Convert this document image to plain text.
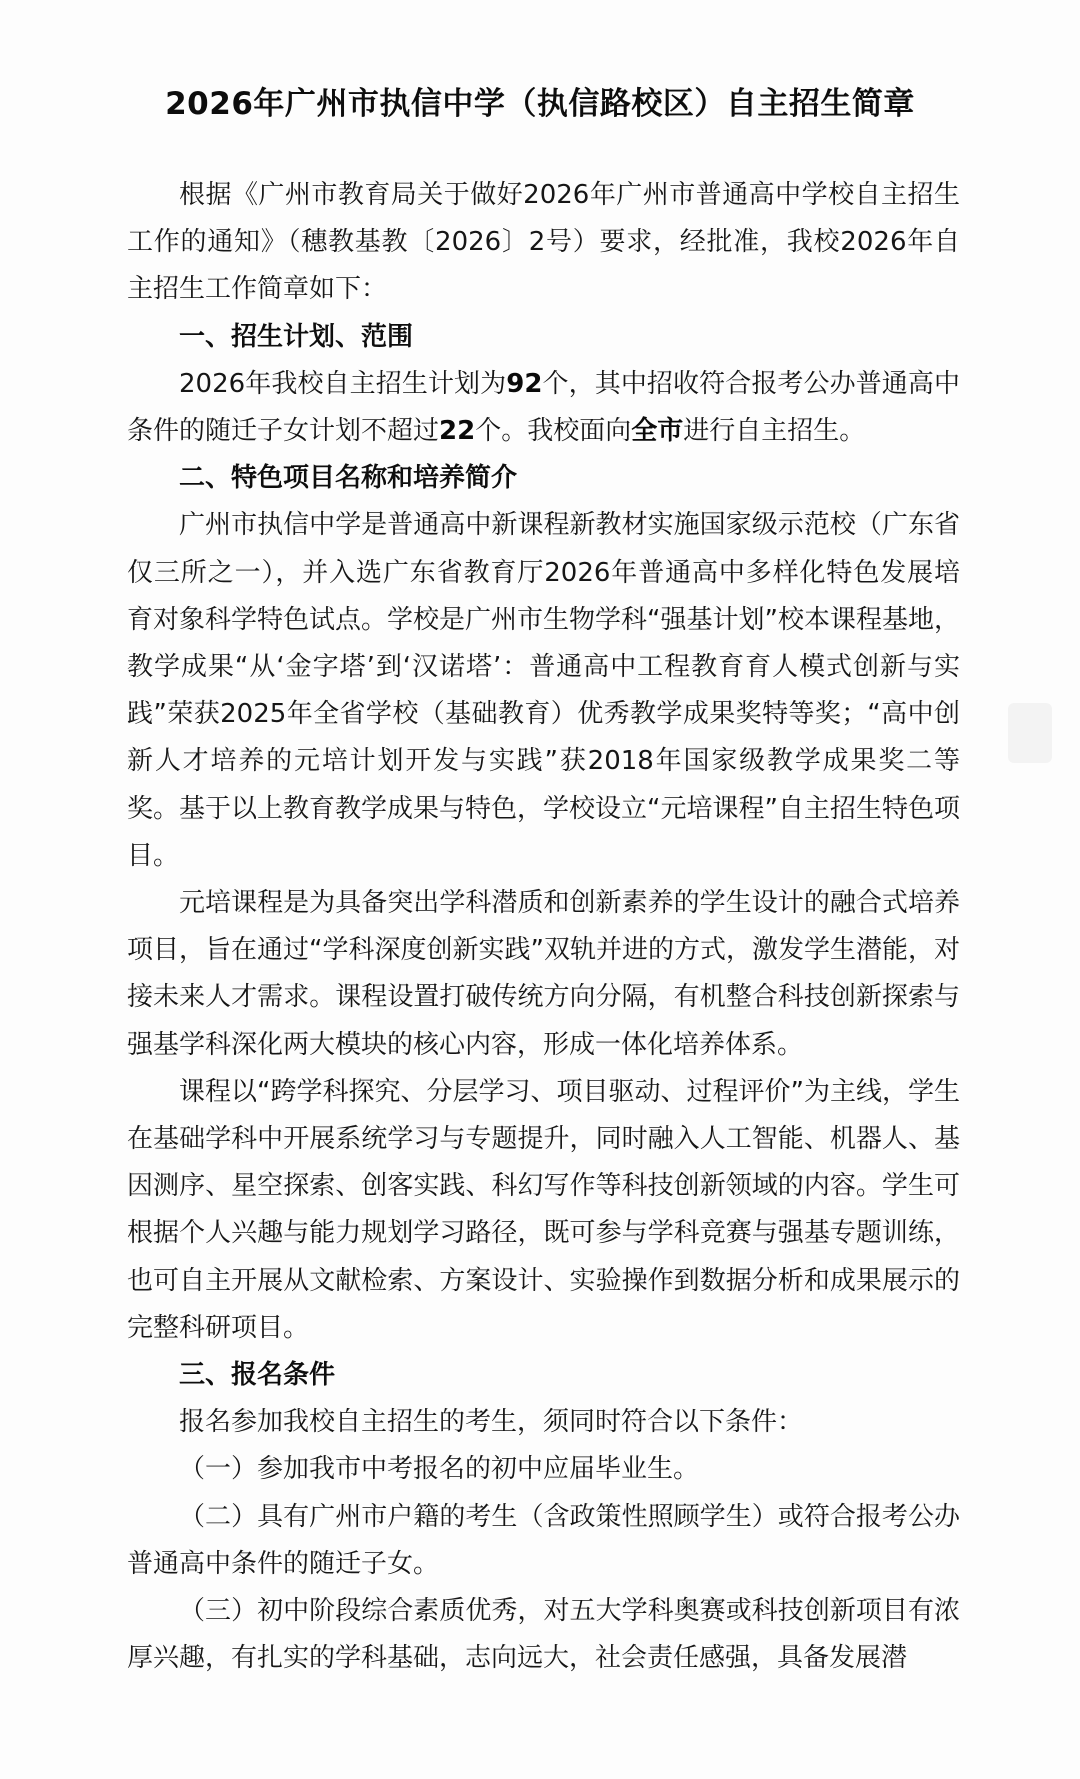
2026年广州市执信中学（执信路校区）自主招生简章

根据《广州市教育局关于做好2026年广州市普通高中学校自主招生工作的通知》（穗教基教〔2026〕2号）要求，经批准，我校2026年自主招生工作简章如下：

一、招生计划、范围

2026年我校自主招生计划为92个，其中招收符合报考公办普通高中条件的随迁子女计划不超过22个。我校面向全市进行自主招生。

二、特色项目名称和培养简介

广州市执信中学是普通高中新课程新教材实施国家级示范校（广东省仅三所之一），并入选广东省教育厅2026年普通高中多样化特色发展培育对象科学特色试点。学校是广州市生物学科“强基计划”校本课程基地，教学成果“从‘金字塔’到‘汉诺塔’：普通高中工程教育育人模式创新与实践”荣获2025年全省学校（基础教育）优秀教学成果奖特等奖；“高中创新人才培养的元培计划开发与实践”获2018年国家级教学成果奖二等奖。基于以上教育教学成果与特色，学校设立“元培课程”自主招生特色项目。

元培课程是为具备突出学科潜质和创新素养的学生设计的融合式培养项目，旨在通过“学科深度创新实践”双轨并进的方式，激发学生潜能，对接未来人才需求。课程设置打破传统方向分隔，有机整合科技创新探索与强基学科深化两大模块的核心内容，形成一体化培养体系。

课程以“跨学科探究、分层学习、项目驱动、过程评价”为主线，学生在基础学科中开展系统学习与专题提升，同时融入人工智能、机器人、基因测序、星空探索、创客实践、科幻写作等科技创新领域的内容。学生可根据个人兴趣与能力规划学习路径，既可参与学科竞赛与强基专题训练，也可自主开展从文献检索、方案设计、实验操作到数据分析和成果展示的完整科研项目。

三、报名条件

报名参加我校自主招生的考生，须同时符合以下条件：

（一）参加我市中考报名的初中应届毕业生。

（二）具有广州市户籍的考生（含政策性照顾学生）或符合报考公办普通高中条件的随迁子女。

（三）初中阶段综合素质优秀，对五大学科奥赛或科技创新项目有浓厚兴趣，有扎实的学科基础，志向远大，社会责任感强，具备发展潜
